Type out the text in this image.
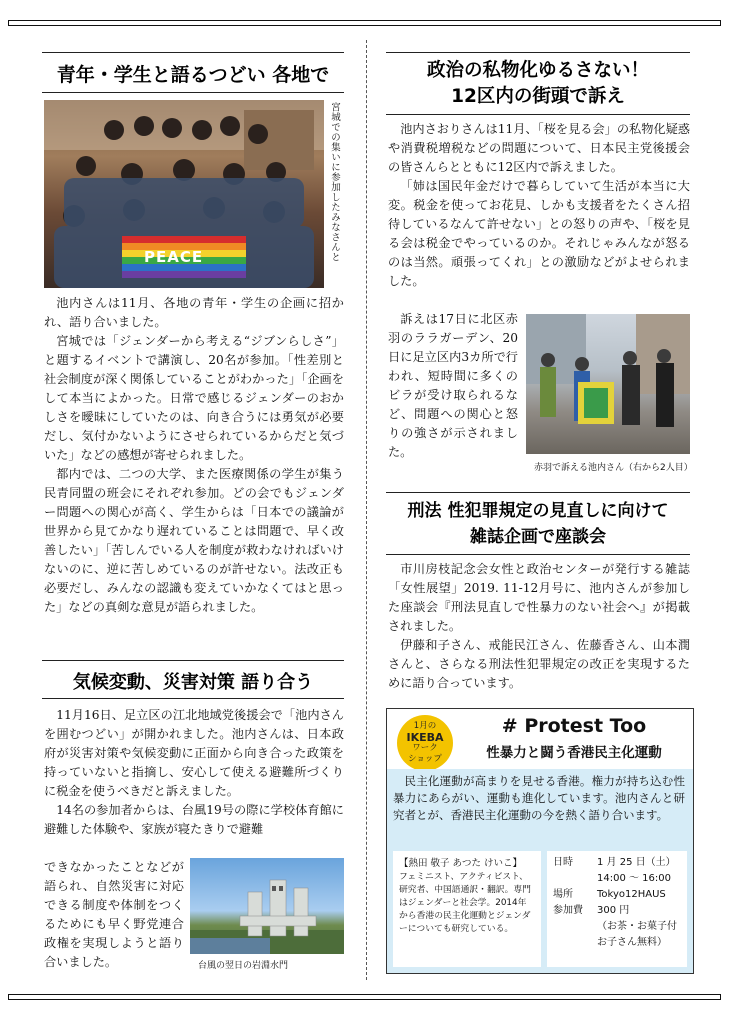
青年・学生と語るつどい 各地で
PEACE	宮城での集いに参加したみなさんと

池内さんは11月、各地の青年・学生の企画に招かれ、語り合いました。

宮城では「ジェンダーから考える“ジブンらしさ”」と題するイベントで講演し、20名が参加。「性差別と社会制度が深く関係していることがわかった」「企画をして本当によかった。日常で感じるジェンダーのおかしさを曖昧にしていたのは、向き合うには勇気が必要だし、気付かないようにさせられているからだと気づいた」などの感想が寄せられました。

都内では、二つの大学、また医療関係の学生が集う民青同盟の班会にそれぞれ参加。どの会でもジェンダー問題への関心が高く、学生からは「日本での議論が世界から見てかなり遅れていることは問題で、早く改善したい」「苦しんでいる人を制度が救わなければいけないのに、逆に苦しめているのが許せない。法改正も必要だし、みんなの認識も変えていかなくてはと思った」などの真剣な意見が語られました。

気候変動、災害対策 語り合う

11月16日、足立区の江北地域党後援会で「池内さんを囲むつどい」が開かれました。池内さんは、日本政府が災害対策や気候変動に正面から向き合った政策を持っていないと指摘し、安心して使える避難所づくりに税金を使うべきだと訴えました。

14名の参加者からは、台風19号の際に学校体育館に避難した体験や、家族が寝たきりで避難

できなかったことなどが語られ、自然災害に対応できる制度や体制をつくるためにも早く野党連合政権を実現しようと語り合いました。	台風の翌日の岩淵水門
政治の私物化ゆるさない！
12区内の街頭で訴え

池内さおりさんは11月、「桜を見る会」の私物化疑惑や消費税増税などの問題について、日本民主党後援会の皆さんらとともに12区内で訴えました。

「姉は国民年金だけで暮らしていて生活が本当に大変。税金を使ってお花見、しかも支援者をたくさん招待しているなんて許せない」との怒りの声や、「桜を見る会は税金でやっているのか。それじゃみんなが怒るのは当然。頑張ってくれ」との激励などがよせられました。

訴えは17日に北区赤羽のララガーデン、20日に足立区内3カ所で行われ、短時間に多くのビラが受け取られるなど、問題への関心と怒りの強さが示されました。

赤羽で訴える池内さん（右から2人目）
刑法 性犯罪規定の見直しに向けて
雑誌企画で座談会

市川房枝記念会女性と政治センターが発行する雑誌「女性展望」2019. 11-12月号に、池内さんが参加した座談会『刑法見直しで性暴力のない社会へ』が掲載されました。

伊藤和子さん、戒能民江さん、佐藤香さん、山本潤さんと、さらなる刑法性犯罪規定の改正を実現するために語り合っています。

1月の
IKEBA
ワーク
ショップ
# Protest Too
性暴力と闘う香港民主化運動
民主化運動が高まりを見せる香港。権力が持ち込む性暴力にあらがい、運動も進化しています。池内さんと研究者とが、香港民主化運動の今を熱く語り合います。
【熱田 敬子 あつた けいこ】
フェミニスト、アクティビスト、研究者、中国語通訳・翻訳。専門はジェンダーと社会学。2014年から香港の民主化運動とジェンダーについても研究している。
日時	1 月 25 日（土）
14:00 ～ 16:00
場所	Tokyo12HAUS
参加費	300 円
（お茶・お菓子付
お子さん無料）
